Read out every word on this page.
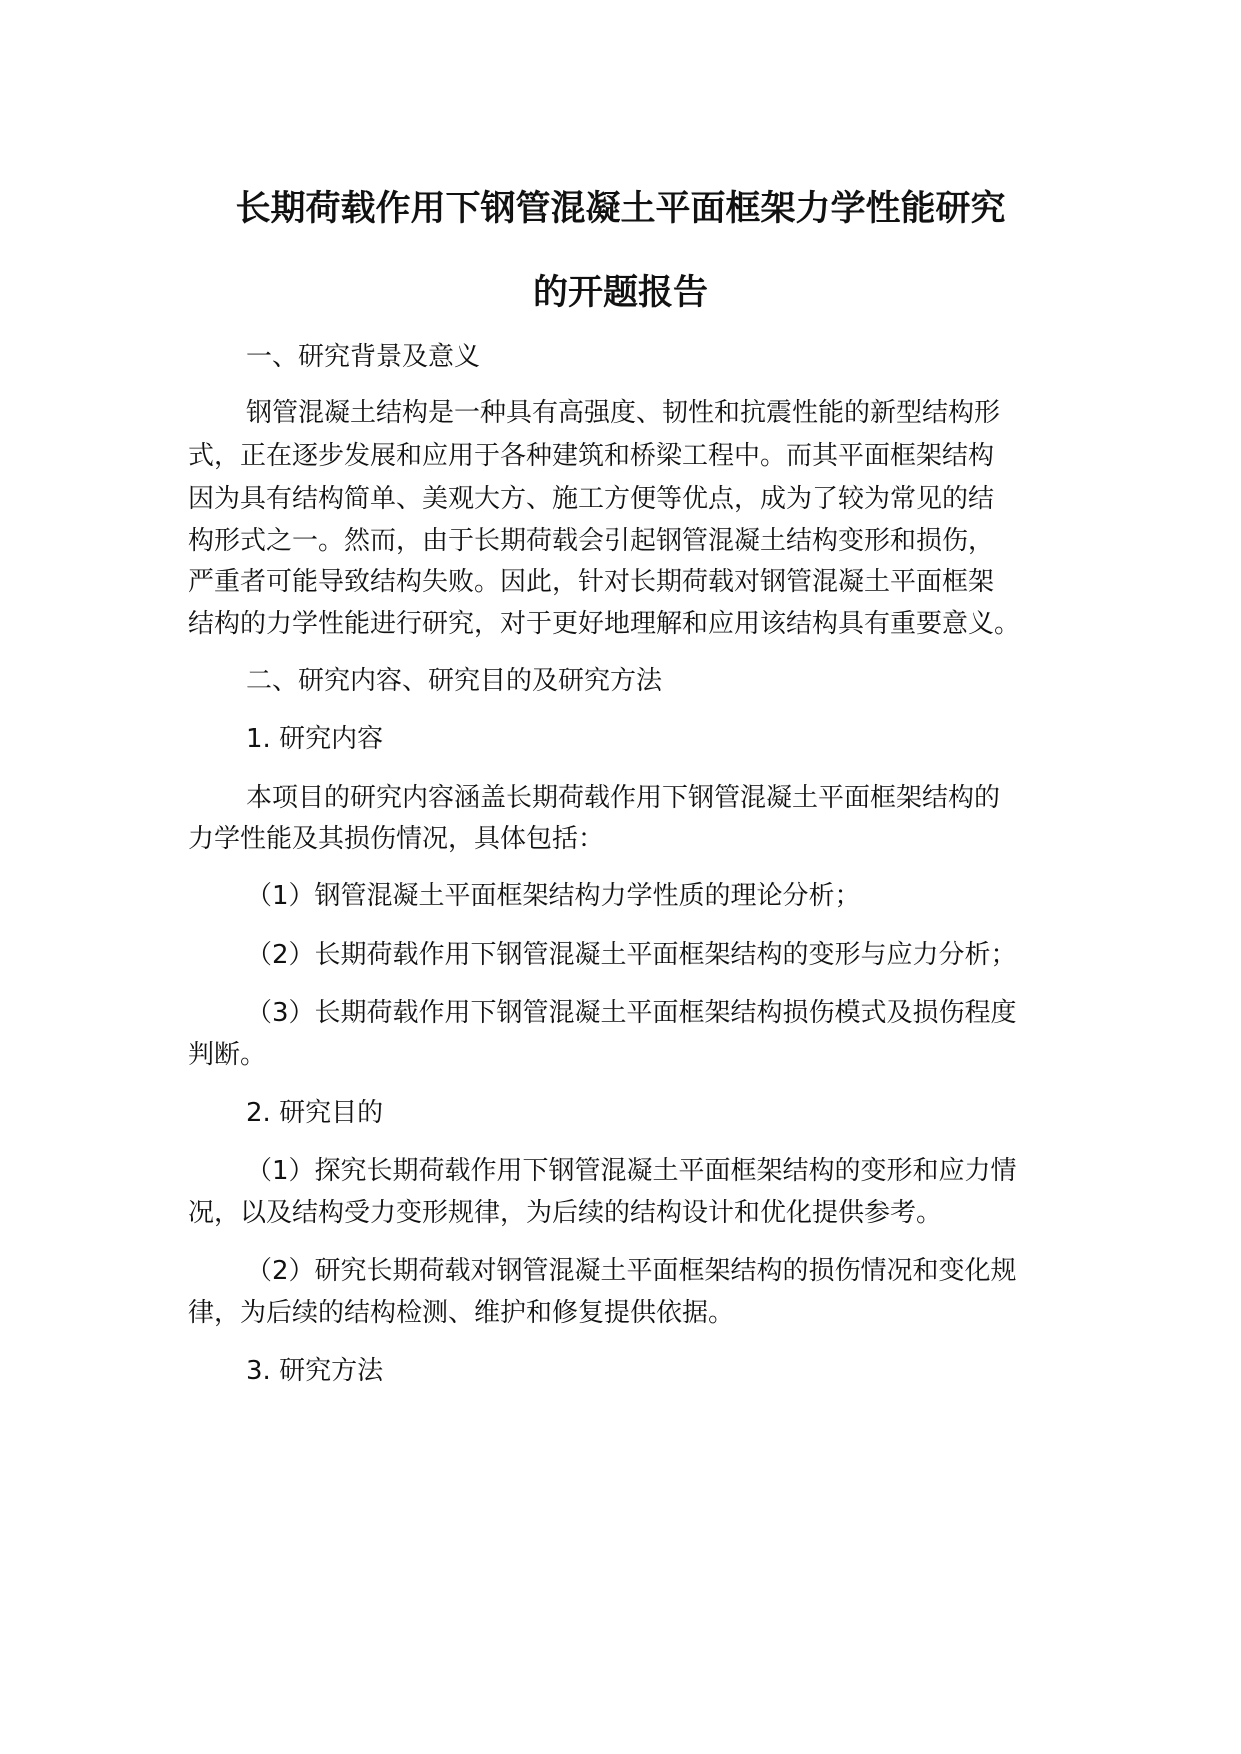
长期荷载作用下钢管混凝土平面框架力学性能研究
的开题报告
一、研究背景及意义
钢管混凝土结构是一种具有高强度、韧性和抗震性能的新型结构形
式，正在逐步发展和应用于各种建筑和桥梁工程中。而其平面框架结构
因为具有结构简单、美观大方、施工方便等优点，成为了较为常见的结
构形式之一。然而，由于长期荷载会引起钢管混凝土结构变形和损伤，
严重者可能导致结构失败。因此，针对长期荷载对钢管混凝土平面框架
结构的力学性能进行研究，对于更好地理解和应用该结构具有重要意义。
二、研究内容、研究目的及研究方法
1. 研究内容
本项目的研究内容涵盖长期荷载作用下钢管混凝土平面框架结构的
力学性能及其损伤情况，具体包括：
（1）钢管混凝土平面框架结构力学性质的理论分析；
（2）长期荷载作用下钢管混凝土平面框架结构的变形与应力分析；
（3）长期荷载作用下钢管混凝土平面框架结构损伤模式及损伤程度
判断。
2. 研究目的
（1）探究长期荷载作用下钢管混凝土平面框架结构的变形和应力情
况，以及结构受力变形规律，为后续的结构设计和优化提供参考。
（2）研究长期荷载对钢管混凝土平面框架结构的损伤情况和变化规
律，为后续的结构检测、维护和修复提供依据。
3. 研究方法
